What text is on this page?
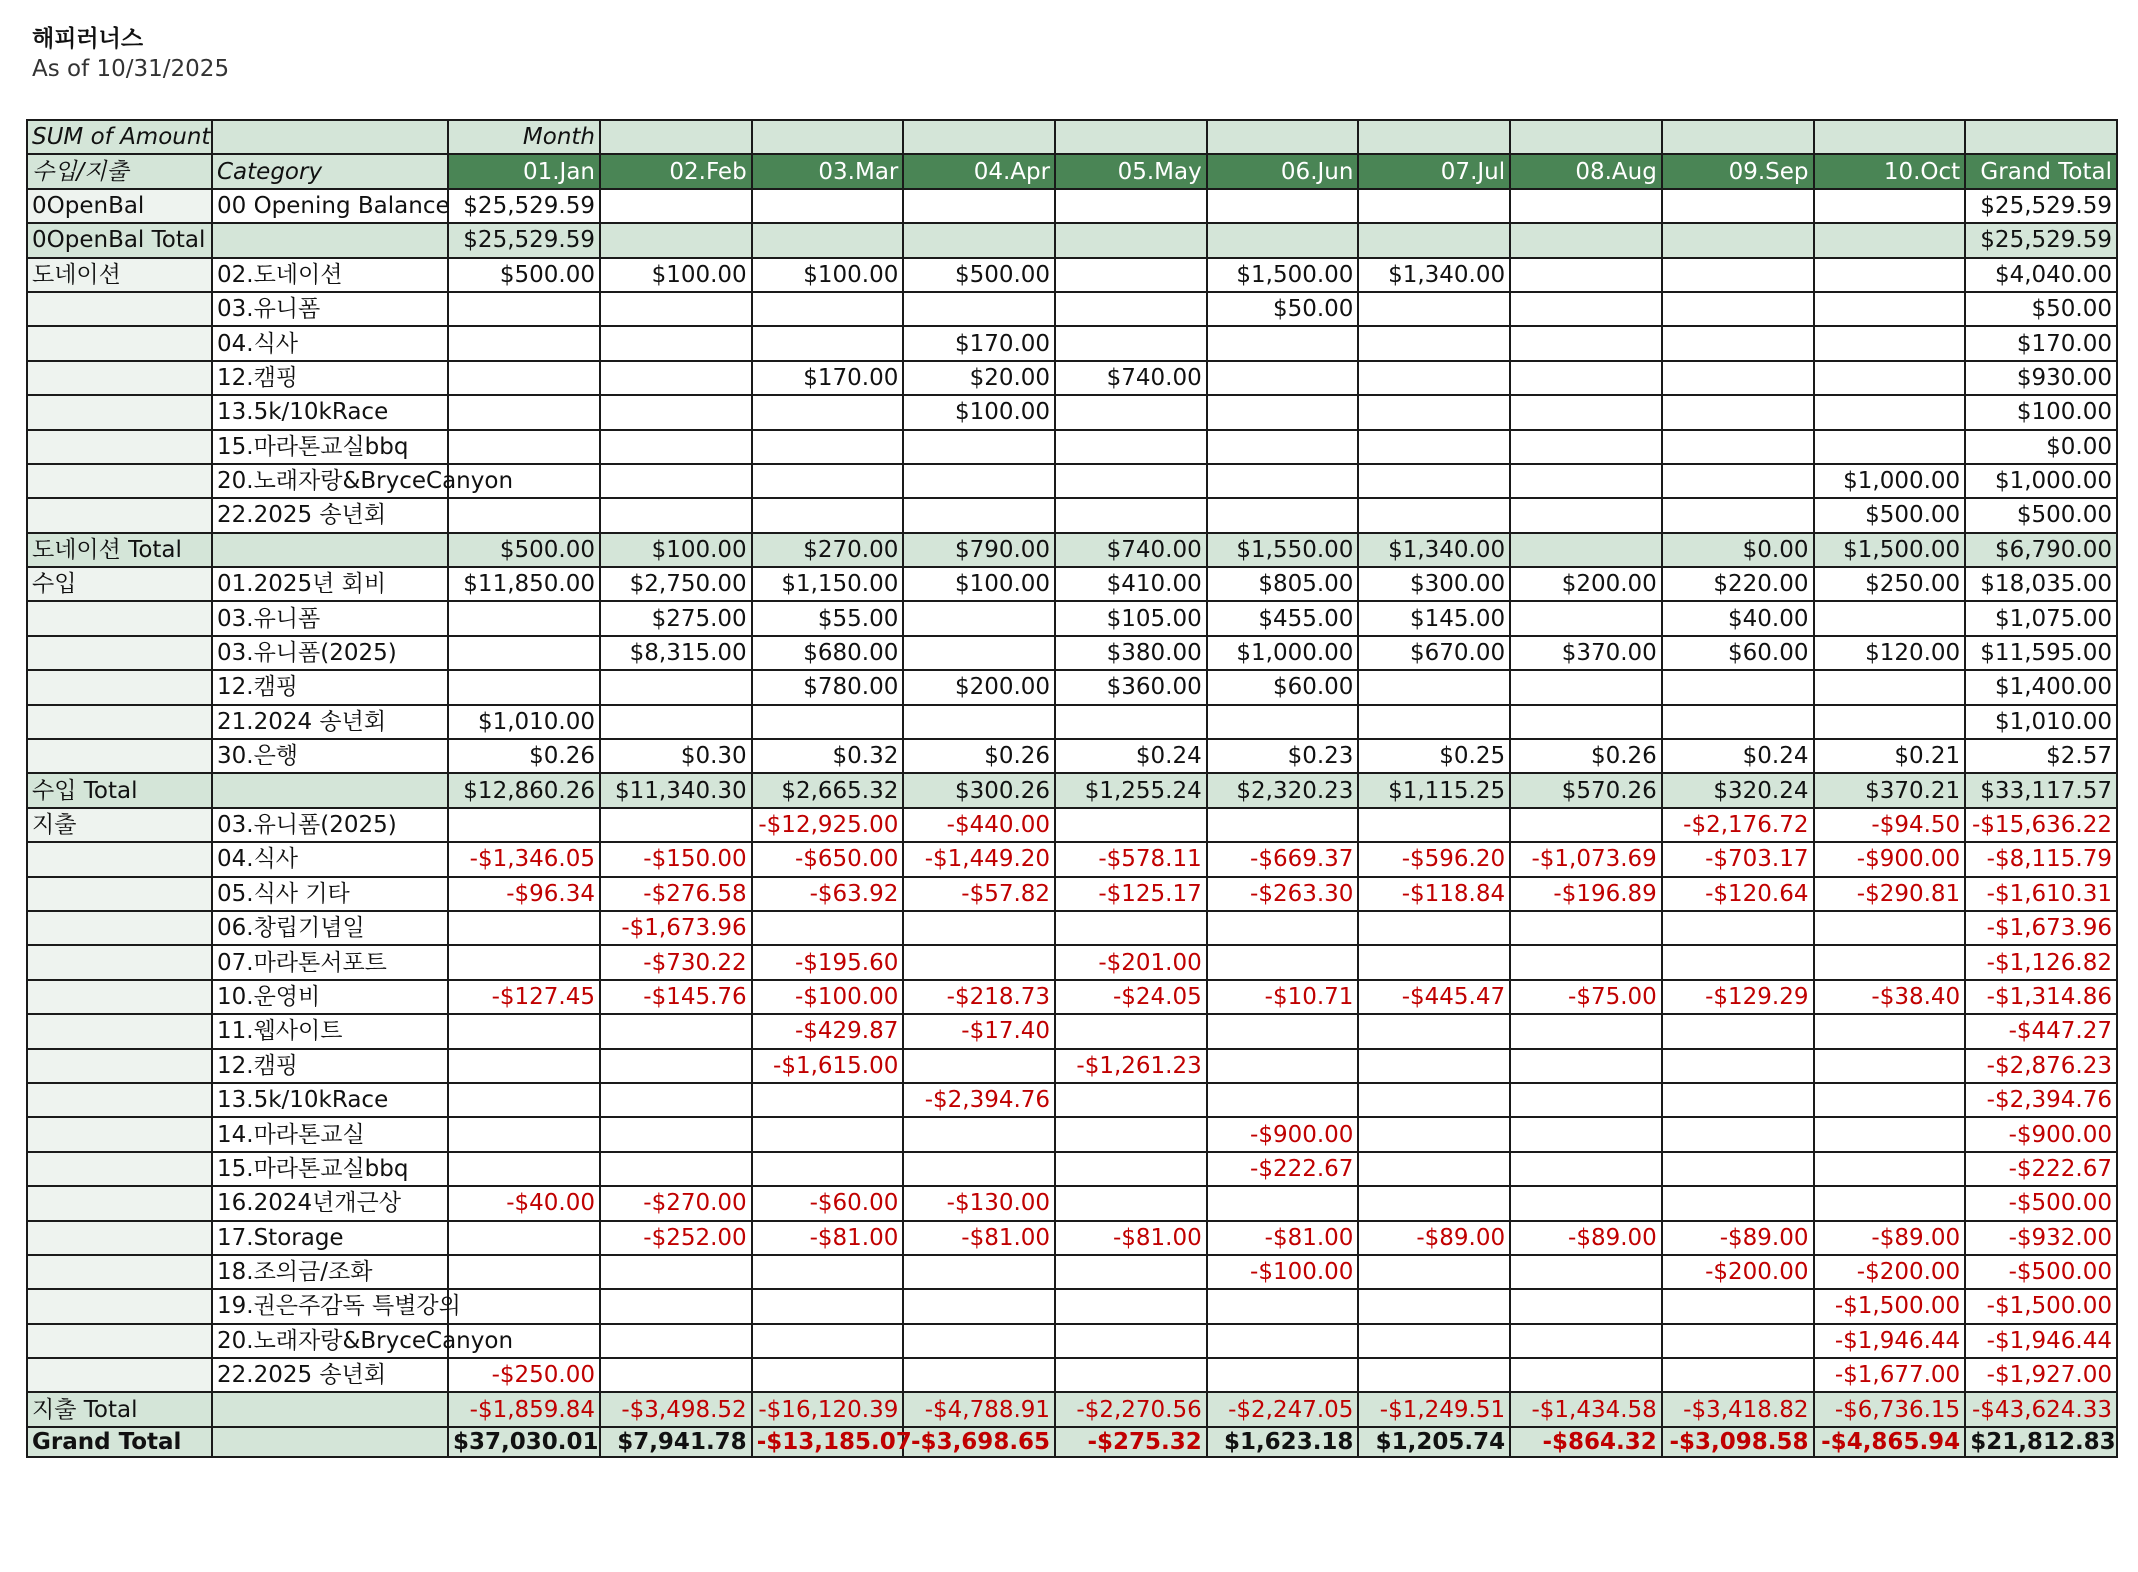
해피러너스
As of 10/31/2025
SUM of Amount		Month										
수입/지출	Category	01.Jan	02.Feb	03.Mar	04.Apr	05.May	06.Jun	07.Jul	08.Aug	09.Sep	10.Oct	Grand Total
0OpenBal	00 Opening Balance	$25,529.59										$25,529.59
0OpenBal Total		$25,529.59										$25,529.59
도네이션	02.도네이션	$500.00	$100.00	$100.00	$500.00		$1,500.00	$1,340.00				$4,040.00
	03.유니폼						$50.00					$50.00
	04.식사				$170.00							$170.00
	12.캠핑			$170.00	$20.00	$740.00						$930.00
	13.5k/10kRace				$100.00							$100.00
	15.마라톤교실bbq											$0.00
	20.노래자랑&BryceCanyon										$1,000.00	$1,000.00
	22.2025 송년회										$500.00	$500.00
도네이션 Total		$500.00	$100.00	$270.00	$790.00	$740.00	$1,550.00	$1,340.00		$0.00	$1,500.00	$6,790.00
수입	01.2025년 회비	$11,850.00	$2,750.00	$1,150.00	$100.00	$410.00	$805.00	$300.00	$200.00	$220.00	$250.00	$18,035.00
	03.유니폼		$275.00	$55.00		$105.00	$455.00	$145.00		$40.00		$1,075.00
	03.유니폼(2025)		$8,315.00	$680.00		$380.00	$1,000.00	$670.00	$370.00	$60.00	$120.00	$11,595.00
	12.캠핑			$780.00	$200.00	$360.00	$60.00					$1,400.00
	21.2024 송년회	$1,010.00										$1,010.00
	30.은행	$0.26	$0.30	$0.32	$0.26	$0.24	$0.23	$0.25	$0.26	$0.24	$0.21	$2.57
수입 Total		$12,860.26	$11,340.30	$2,665.32	$300.26	$1,255.24	$2,320.23	$1,115.25	$570.26	$320.24	$370.21	$33,117.57
지출	03.유니폼(2025)			-$12,925.00	-$440.00					-$2,176.72	-$94.50	-$15,636.22
	04.식사	-$1,346.05	-$150.00	-$650.00	-$1,449.20	-$578.11	-$669.37	-$596.20	-$1,073.69	-$703.17	-$900.00	-$8,115.79
	05.식사 기타	-$96.34	-$276.58	-$63.92	-$57.82	-$125.17	-$263.30	-$118.84	-$196.89	-$120.64	-$290.81	-$1,610.31
	06.창립기념일		-$1,673.96									-$1,673.96
	07.마라톤서포트		-$730.22	-$195.60		-$201.00						-$1,126.82
	10.운영비	-$127.45	-$145.76	-$100.00	-$218.73	-$24.05	-$10.71	-$445.47	-$75.00	-$129.29	-$38.40	-$1,314.86
	11.웹사이트			-$429.87	-$17.40							-$447.27
	12.캠핑			-$1,615.00		-$1,261.23						-$2,876.23
	13.5k/10kRace				-$2,394.76							-$2,394.76
	14.마라톤교실						-$900.00					-$900.00
	15.마라톤교실bbq						-$222.67					-$222.67
	16.2024년개근상	-$40.00	-$270.00	-$60.00	-$130.00							-$500.00
	17.Storage		-$252.00	-$81.00	-$81.00	-$81.00	-$81.00	-$89.00	-$89.00	-$89.00	-$89.00	-$932.00
	18.조의금/조화						-$100.00			-$200.00	-$200.00	-$500.00
	19.권은주감독 특별강의										-$1,500.00	-$1,500.00
	20.노래자랑&BryceCanyon										-$1,946.44	-$1,946.44
	22.2025 송년회	-$250.00									-$1,677.00	-$1,927.00
지출 Total		-$1,859.84	-$3,498.52	-$16,120.39	-$4,788.91	-$2,270.56	-$2,247.05	-$1,249.51	-$1,434.58	-$3,418.82	-$6,736.15	-$43,624.33
Grand Total		$37,030.01	$7,941.78	-$13,185.07	-$3,698.65	-$275.32	$1,623.18	$1,205.74	-$864.32	-$3,098.58	-$4,865.94	$21,812.83
